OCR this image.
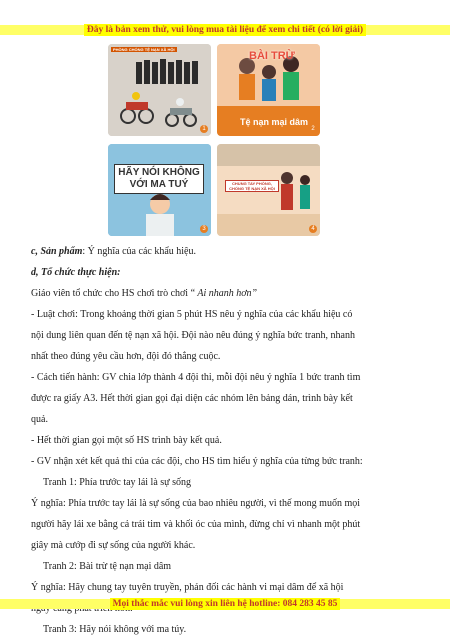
Đây là bản xem thử, vui lòng mua tài liệu để xem chi tiết (có lời giải)
PHÒNG CHỐNG TỆ NẠN XÃ HỘI
1
BÀI TRỪ
Tệ nạn mại dâm
2
HÃY NÓI KHÔNG VỚI MA TUÝ
3
CHUNG TAY PHÒNG, CHỐNG TỆ NẠN XÃ HỘI
4
c, Sản phẩm: Ý nghĩa của các khẩu hiệu.
d, Tổ chức thực hiện:
Giáo viên tổ chức cho HS chơi trò chơi “ Ai nhanh hơn”
- Luật chơi: Trong khoảng thời gian 5 phút HS nêu ý nghĩa của các khẩu hiệu có
nội dung liên quan đến tệ nạn xã hội. Đội nào nêu đúng ý nghĩa bức tranh, nhanh
nhất theo đúng yêu cầu hơn, đội đó thắng cuộc.
- Cách tiến hành: GV chia lớp thành 4 đội thi, mỗi đội nêu ý nghĩa 1 bức tranh tìm
được ra giấy A3. Hết thời gian gọi đại diện các nhóm lên bảng dán, trình bày kết
quả.
- Hết thời gian gọi một số HS trình bày kết quả.
- GV nhận xét kết quả thi của các đội, cho HS tìm hiểu ý nghĩa của từng bức tranh:
Tranh 1: Phía trước tay lái là sự sống
Ý nghĩa: Phía trước tay lái là sự sống của bao nhiêu người, vì thế mong muốn mọi
người hãy lái xe bằng cả trái tim và khối óc của mình, đừng chỉ vì nhanh một phút
giây mà cướp đi sự sống của người khác.
Tranh 2: Bài trừ tệ nạn mại dâm
Ý nghĩa: Hãy chung tay tuyên truyền, phản đối các hành vi mại dâm để xã hội
Tranh 3: Hãy nói không với ma túy.
Mọi thắc mắc vui lòng xin liên hệ hotline: 084 283 45 85
